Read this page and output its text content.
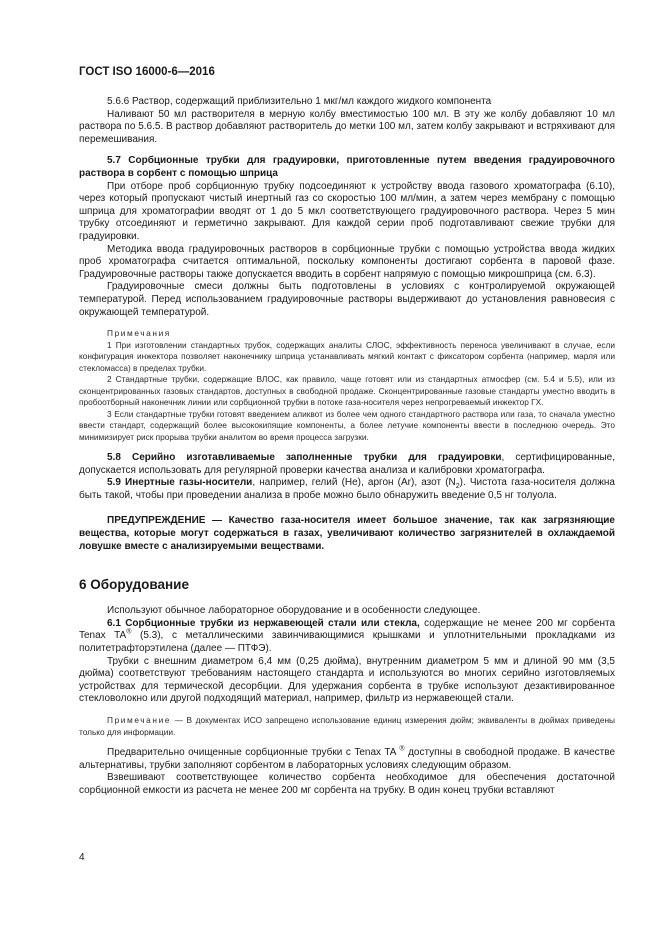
ГОСТ ISO 16000-6—2016

5.6.6 Раствор, содержащий приблизительно 1 мкг/мл каждого жидкого компонента

Наливают 50 мл растворителя в мерную колбу вместимостью 100 мл. В эту же колбу добавляют 10 мл раствора по 5.6.5. В раствор добавляют растворитель до метки 100 мл, затем колбу закрывают и встряхивают для перемешивания.

5.7 Сорбционные трубки для градуировки, приготовленные путем введения градуировочного раствора в сорбент с помощью шприца

При отборе проб сорбционную трубку подсоединяют к устройству ввода газового хроматографа (6.10), через который пропускают чистый инертный газ со скоростью 100 мл/мин, а затем через мембрану с помощью шприца для хроматографии вводят от 1 до 5 мкл соответствующего градуировочного раствора. Через 5 мин трубку отсоединяют и герметично закрывают. Для каждой серии проб подготавливают свежие трубки для градуировки.

Методика ввода градуировочных растворов в сорбционные трубки с помощью устройства ввода жидких проб хроматографа считается оптимальной, поскольку компоненты достигают сорбента в паровой фазе. Градуировочные растворы также допускается вводить в сорбент напрямую с помощью микрошприца (см. 6.3).

Градуировочные смеси должны быть подготовлены в условиях с контролируемой окружающей температурой. Перед использованием градуировочные растворы выдерживают до установления равновесия с окружающей температурой.

Примечания

1 При изготовлении стандартных трубок, содержащих аналиты СЛОС, эффективность переноса увеличивают в случае, если конфигурация инжектора позволяет наконечнику шприца устанавливать мягкий контакт с фиксатором сорбента (например, марля или стекломасса) в пределах трубки.

2 Стандартные трубки, содержащие ВЛОС, как правило, чаще готовят или из стандартных атмосфер (см. 5.4 и 5.5), или из сконцентрированных газовых стандартов, доступных в свободной продаже. Сконцентрированные газовые стандарты уместно вводить в пробоотборный наконечник линии или сорбционной трубки в потоке газа-носителя через непрогреваемый инжектор ГХ.

3 Если стандартные трубки готовят введением аликвот из более чем одного стандартного раствора или газа, то сначала уместно ввести стандарт, содержащий более высококипящие компоненты, а более летучие компоненты ввести в последнюю очередь. Это минимизирует риск прорыва трубки аналитом во время процесса загрузки.

5.8 Серийно изготавливаемые заполненные трубки для градуировки, сертифицированные, допускается использовать для регулярной проверки качества анализа и калибровки хроматографа.

5.9 Инертные газы-носители, например, гелий (He), аргон (Ar), азот $(N_2)$. Чистота газа-носителя должна быть такой, чтобы при проведении анализа в пробе можно было обнаружить введение 0,5 нг толуола.

ПРЕДУПРЕЖДЕНИЕ — Качество газа-носителя имеет большое значение, так как загрязняющие вещества, которые могут содержаться в газах, увеличивают количество загрязнителей в охлаждаемой ловушке вместе с анализируемыми веществами.

6 Оборудование

Используют обычное лабораторное оборудование и в особенности следующее.

6.1 Сорбционные трубки из нержавеющей стали или стекла, содержащие не менее 200 мг сорбента Tenax TA® (5.3), с металлическими завинчивающимися крышками и уплотнительными прокладками из политетрафторэтилена (далее — ПТФЭ).

Трубки с внешним диаметром 6,4 мм (0,25 дюйма), внутренним диаметром 5 мм и длиной 90 мм (3,5 дюйма) соответствуют требованиям настоящего стандарта и используются во многих серийно изготовляемых устройствах для термической десорбции. Для удержания сорбента в трубке используют дезактивированное стекловолокно или другой подходящий материал, например, фильтр из нержавеющей стали.

Примечание — В документах ИСО запрещено использование единиц измерения дюйм; эквиваленты в дюймах приведены только для информации.

Предварительно очищенные сорбционные трубки с Tenax TA ® доступны в свободной продаже. В качестве альтернативы, трубки заполняют сорбентом в лабораторных условиях следующим образом.

Взвешивают соответствующее количество сорбента необходимое для обеспечения достаточной сорбционной емкости из расчета не менее 200 мг сорбента на трубку. В один конец трубки вставляют

4
